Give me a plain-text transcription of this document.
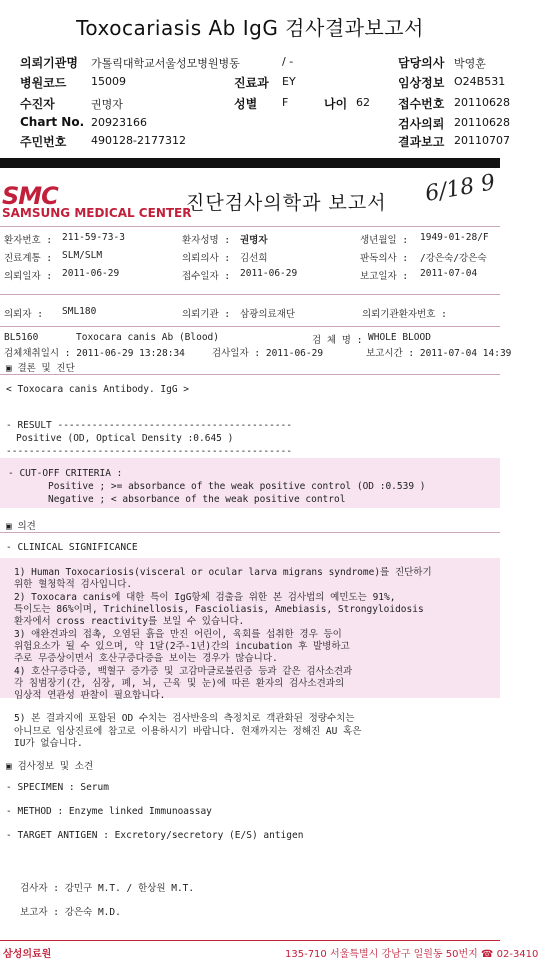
Toxocariasis Ab IgG 검사결과보고서
의뢰기관명 가톨릭대학교서울성모병원병동	/ -	담당의사 박영훈
병원코드 15009	진료과 EY	임상정보 O24B531
수진자	권명자	성별 F	나이 62 접수번호 20110628
Chart No. 20923166	검사의뢰 20110628
주민번호 490128-2177312	결과보고 20110707
SMC
SAMSUNG MEDICAL CENTER
진단검사의학과 보고서 6/18 9
환자번호 : 211-59-73-3	환자성명 : 권명자	생년월일 : 1949-01-28/F
진료계통 : SLM/SLM	의뢰의사 : 김선희	판독의사 : /강은숙/강은숙
의뢰일자 : 2011-06-29	접수일자 : 2011-06-29	보고일자 : 2011-07-04
의뢰자 : SML180	의뢰기관 : 삼광의료재단	의뢰기관환자번호 :
BL5160	Toxocara canis Ab (Blood)	검 체 명 : WHOLE BLOOD
검체채취일시 : 2011-06-29 13:28:34	검사일자 : 2011-06-29	보고시간 : 2011-07-04 14:39
▣ 결론 및 진단
< Toxocara canis Antibody. IgG >
- RESULT -----------------------------------------
Positive (OD, Optical Density :0.645 )
--------------------------------------------------
- CUT-OFF CRITERIA :
Positive ; >= absorbance of the weak positive control (OD :0.539 )
Negative ; < absorbance of the weak positive control
▣ 의견
- CLINICAL SIGNIFICANCE
1) Human Toxocariosis(visceral or ocular larva migrans syndrome)를 진단하기
위한 혈청학적 검사입니다.
2) Toxocara canis에 대한 특이 IgG항체 검출을 위한 본 검사법의 예민도는 91%,
특이도는 86%이며, Trichinellosis, Fascioliasis, Amebiasis, Strongyloidosis
환자에서 cross reactivity를 보일 수 있습니다.
3) 애완견과의 접촉, 오염된 흙을 만진 어린이, 육회를 섭취한 경우 등이
위험요소가 될 수 있으며, 약 1달(2주-1년)간의 incubation 후 발병하고
주로 무증상이면서 호산구증다증을 보이는 경우가 많습니다.
4) 호산구증다증, 백혈구 증가증 및 고감마글로불린증 등과 같은 검사소견과
각 침범장기(간, 심장, 폐, 뇌, 근육 및 눈)에 따른 환자의 검사소견과의
임상적 연관성 판찰이 필요합니다.
5) 본 결과지에 포함된 OD 수치는 검사반응의 측정치로 객관화된 정량수치는
아니므로 임상진료에 참고로 이용하시기 바랍니다. 현재까지는 정해진 AU 혹은
IU가 없습니다.
▣ 검사정보 및 소견
- SPECIMEN : Serum
- METHOD : Enzyme linked Immunoassay
- TARGET ANTIGEN : Excretory/secretory (E/S) antigen
검사자 : 강민구 M.T. / 한상원 M.T.
보고자 : 강은숙 M.D.
삼성의료원	135-710 서울특별시 강남구 일원동 50번지 ☎ 02-3410
